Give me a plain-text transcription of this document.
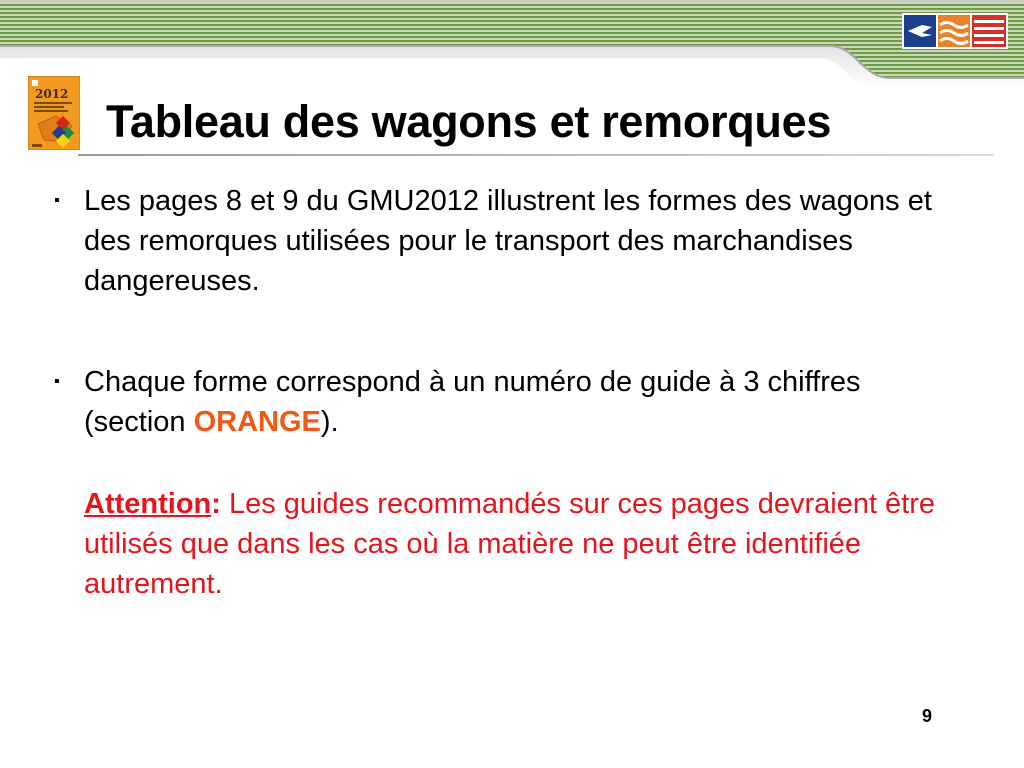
2012
Tableau des wagons et remorques
▪ Les pages 8 et 9 du GMU2012 illustrent les formes des wagons et des remorques utilisées pour le transport des marchandises dangereuses.
▪ Chaque forme correspond à un numéro de guide à 3 chiffres (section ORANGE).
Attention: Les guides recommandés sur ces pages devraient être utilisés que dans les cas où la matière ne peut être identifiée autrement.
9
